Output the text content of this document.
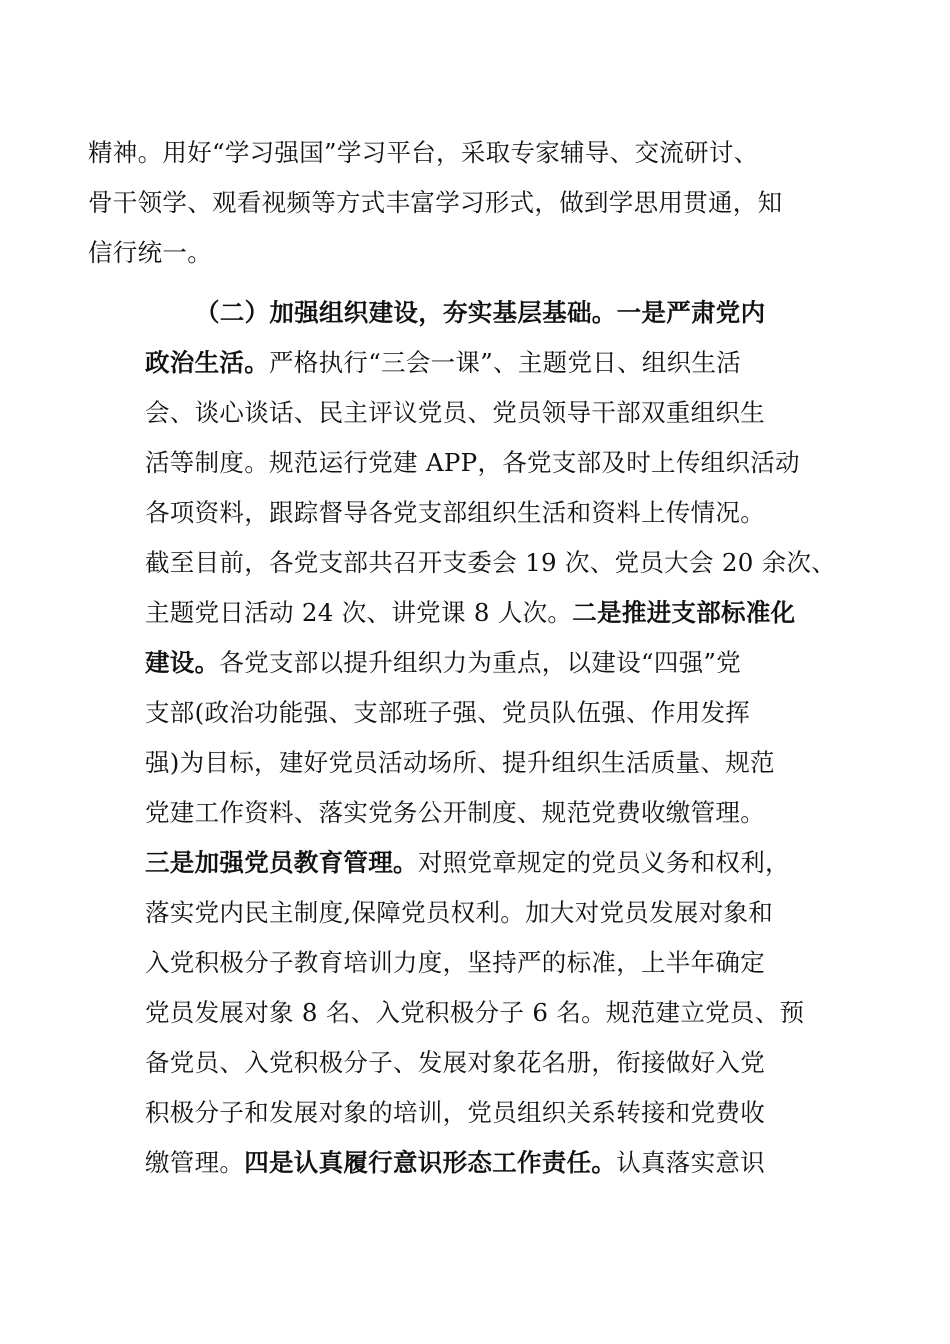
精神。用好“学习强国”学习平台，采取专家辅导、交流研讨、
骨干领学、观看视频等方式丰富学习形式，做到学思用贯通，知
信行统一。
（二）加强组织建设，夯实基层基础。一是严肃党内
政治生活。严格执行“三会一课”、主题党日、组织生活
会、谈心谈话、民主评议党员、党员领导干部双重组织生
活等制度。规范运行党建 APP，各党支部及时上传组织活动
各项资料，跟踪督导各党支部组织生活和资料上传情况。
截至目前，各党支部共召开支委会 19 次、党员大会 20 余次、
主题党日活动 24 次、讲党课 8 人次。二是推进支部标准化
建设。各党支部以提升组织力为重点，以建设“四强”党
支部(政治功能强、支部班子强、党员队伍强、作用发挥
强)为目标，建好党员活动场所、提升组织生活质量、规范
党建工作资料、落实党务公开制度、规范党费收缴管理。
三是加强党员教育管理。对照党章规定的党员义务和权利，
落实党内民主制度,保障党员权利。加大对党员发展对象和
入党积极分子教育培训力度，坚持严的标准，上半年确定
党员发展对象 8 名、入党积极分子 6 名。规范建立党员、预
备党员、入党积极分子、发展对象花名册，衔接做好入党
积极分子和发展对象的培训，党员组织关系转接和党费收
缴管理。四是认真履行意识形态工作责任。认真落实意识
